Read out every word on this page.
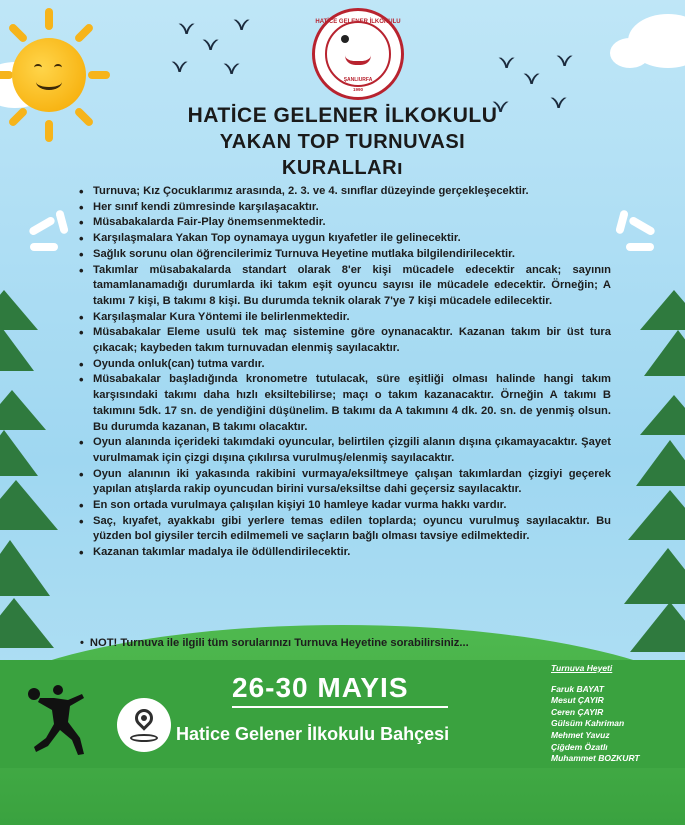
⋎
⋎
⋎
⋎ ⋎	⋎
⋎
⋎
⋎ ⋎
HATİCE GELENER İLKOKULU
ŞANLIURFA
1990
HATİCE GELENER İLKOKULU
YAKAN TOP TURNUVASI
KURALLARı
• Turnuva; Kız Çocuklarımız arasında, 2. 3. ve 4. sınıflar düzeyinde gerçekleşecektir.
• Her sınıf kendi zümresinde karşılaşacaktır.
• Müsabakalarda Fair-Play önemsenmektedir.
• Karşılaşmalara Yakan Top oynamaya uygun kıyafetler ile gelinecektir.
• Sağlık sorunu olan öğrencilerimiz Turnuva Heyetine mutlaka bilgilendirilecektir.
• Takımlar müsabakalarda standart olarak 8'er kişi mücadele edecektir ancak; sayının tamamlanamadığı durumlarda iki takım eşit oyuncu sayısı ile mücadele edecektir. Örneğin; A takımı 7 kişi, B takımı 8 kişi. Bu durumda teknik olarak 7'ye 7 kişi mücadele edilecektir.
• Karşılaşmalar Kura Yöntemi ile belirlenmektedir.
• Müsabakalar Eleme usulü tek maç sistemine göre oynanacaktır. Kazanan takım bir üst tura çıkacak; kaybeden takım turnuvadan elenmiş sayılacaktır.
• Oyunda onluk(can) tutma vardır.
• Müsabakalar başladığında kronometre tutulacak, süre eşitliği olması halinde hangi takım karşısındaki takımı daha hızlı eksiltebilirse; maçı o takım kazanacaktır. Örneğin A takımı B takımını 5dk. 17 sn. de yendiğini düşünelim. B takımı da A takımını 4 dk. 20. sn. de yenmiş olsun. Bu durumda kazanan, B takımı olacaktır.
• Oyun alanında içerideki takımdaki oyuncular, belirtilen çizgili alanın dışına çıkamayacaktır. Şayet vurulmamak için çizgi dışına çıkılırsa vurulmuş/elenmiş sayılacaktır.
• Oyun alanının iki yakasında rakibini vurmaya/eksiltmeye çalışan takımlardan çizgiyi geçerek yapılan atışlarda rakip oyuncudan birini vursa/eksiltse dahi geçersiz sayılacaktır.
• En son ortada vurulmaya çalışılan kişiyi 10 hamleye kadar vurma hakkı vardır.
• Saç, kıyafet, ayakkabı gibi yerlere temas edilen toplarda; oyuncu vurulmuş sayılacaktır. Bu yüzden bol giysiler tercih edilmemeli ve saçların bağlı olması tavsiye edilmektedir.
• Kazanan takımlar madalya ile ödüllendirilecektir.
• NOT! Turnuva ile ilgili tüm sorularınızı Turnuva Heyetine sorabilirsiniz...
26-30 MAYIS
Hatice Gelener İlkokulu Bahçesi
Turnuva Heyeti
Faruk BAYAT
Mesut ÇAYIR
Ceren ÇAYIR
Gülsüm Kahriman
Mehmet Yavuz
Çiğdem Özatlı
Muhammet BOZKURT
